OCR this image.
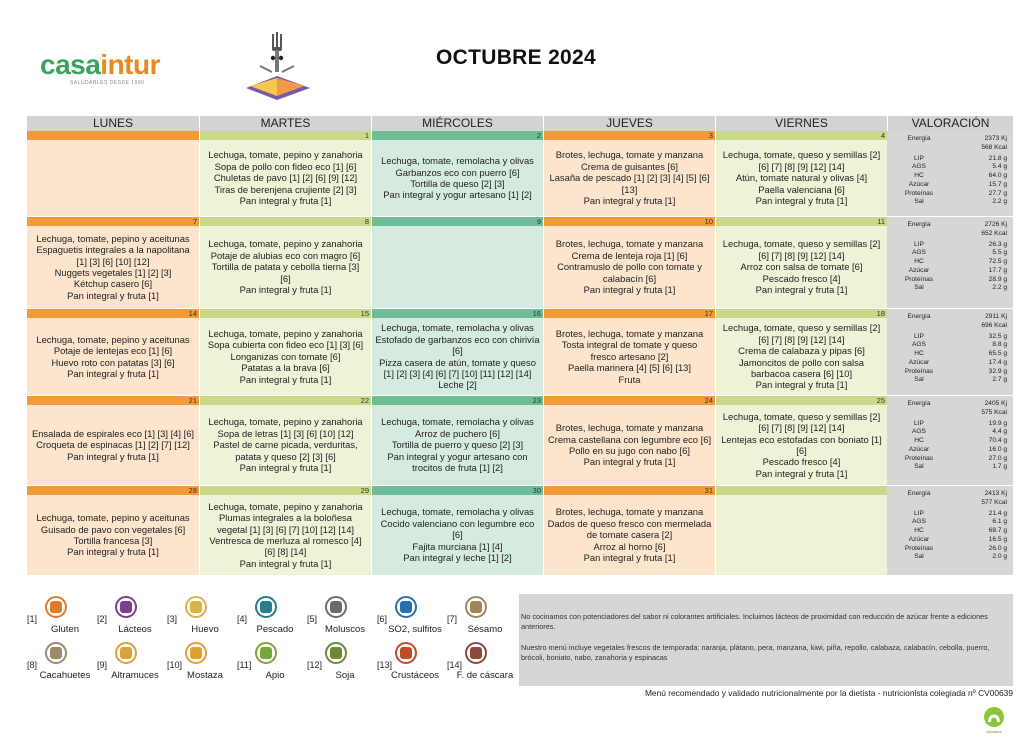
casaintur
SALUDABLES DESDE 1990
OCTUBRE 2024
LUNES	MARTES	MIÉRCOLES	JUEVES	VIERNES	VALORACIÓN
1
Lechuga, tomate, pepino y zanahoria
Sopa de pollo con fideo eco [1] [6]
Chuletas de pavo [1] [2] [6] [9] [12]
Tiras de berenjena crujiente [2] [3]
Pan integral y fruta [1]
2
Lechuga, tomate, remolacha y olivas
Garbanzos eco con puerro [6]
Tortilla de queso [2] [3]
Pan integral y yogur artesano [1] [2]
3
Brotes, lechuga, tomate y manzana
Crema de guisantes [6]
Lasaña de pescado [1] [2] [3] [4] [5] [6]
[13]
Pan integral y fruta [1]
4
Lechuga, tomate, queso y semillas [2]
[6] [7] [8] [9] [12] [14]
Atún, tomate natural y olivas [4]
Paella valenciana [6]
Pan integral y fruta [1]
Energía	2373 Kj
568 Kcal
LIP	21.8 g
AGS	5.4 g
HC	64.0 g
Azúcar	15.7 g
Proteínas	27.7 g
Sal	2.2 g
7
Lechuga, tomate, pepino y aceitunas
Espaguetis integrales a la napolitana
[1] [3] [6] [10] [12]
Nuggets vegetales [1] [2] [3]
Kétchup casero [6]
Pan integral y fruta [1]
8
Lechuga, tomate, pepino y zanahoria
Potaje de alubias eco con magro [6]
Tortilla de patata y cebolla tierna [3]
[6]
Pan integral y fruta [1]
9	10
Brotes, lechuga, tomate y manzana
Crema de lenteja roja [1] [6]
Contramuslo de pollo con tomate y
calabacín [6]
Pan integral y fruta [1]
11
Lechuga, tomate, queso y semillas [2]
[6] [7] [8] [9] [12] [14]
Arroz con salsa de tomate [6]
Pescado fresco [4]
Pan integral y fruta [1]
Energía	2726 Kj
652 Kcal
LIP	26.3 g
AGS	5.5 g
HC	72.5 g
Azúcar	17.7 g
Proteínas	28.9 g
Sal	2.2 g
14
Lechuga, tomate, pepino y aceitunas
Potaje de lentejas eco [1] [6]
Huevo roto con patatas [3] [6]
Pan integral y fruta [1]
15
Lechuga, tomate, pepino y zanahoria
Sopa cubierta con fideo eco [1] [3] [6]
Longanizas con tomate [6]
Patatas a la brava [6]
Pan integral y fruta [1]
16
Lechuga, tomate, remolacha y olivas
Estofado de garbanzos eco con chirivía
[6]
Pizza casera de atún, tomate y queso
[1] [2] [3] [4] [6] [7] [10] [11] [12] [14]
Leche [2]
17
Brotes, lechuga, tomate y manzana
Tosta integral de tomate y queso
fresco artesano [2]
Paella marinera [4] [5] [6] [13]
Fruta
18
Lechuga, tomate, queso y semillas [2]
[6] [7] [8] [9] [12] [14]
Crema de calabaza y pipas [6]
Jamoncitos de pollo con salsa
barbacoa casera [6] [10]
Pan integral y fruta [1]
Energía	2911 Kj
696 Kcal
LIP	32.5 g
AGS	8.8 g
HC	65.5 g
Azúcar	17.4 g
Proteínas	32.9 g
Sal	2.7 g
21
Ensalada de espirales eco [1] [3] [4] [6]
Croqueta de espinacas [1] [2] [7] [12]
Pan integral y fruta [1]
22
Lechuga, tomate, pepino y zanahoria
Sopa de letras [1] [3] [6] [10] [12]
Pastel de carne picada, verduritas,
patata y queso [2] [3] [6]
Pan integral y fruta [1]
23
Lechuga, tomate, remolacha y olivas
Arroz de puchero [6]
Tortilla de puerro y queso [2] [3]
Pan integral y yogur artesano con
trocitos de fruta [1] [2]
24
Brotes, lechuga, tomate y manzana
Crema castellana con legumbre eco [6]
Pollo en su jugo con nabo [6]
Pan integral y fruta [1]
25
Lechuga, tomate, queso y semillas [2]
[6] [7] [8] [9] [12] [14]
Lentejas eco estofadas con boniato [1]
[6]
Pescado fresco [4]
Pan integral y fruta [1]
Energía	2405 Kj
575 Kcal
LIP	19.9 g
AGS	4.4 g
HC	70.4 g
Azúcar	16.0 g
Proteínas	27.0 g
Sal	1.7 g
28
Lechuga, tomate, pepino y aceitunas
Guisado de pavo con vegetales [6]
Tortilla francesa [3]
Pan integral y fruta [1]
29
Lechuga, tomate, pepino y zanahoria
Plumas integrales a la boloñesa
vegetal [1] [3] [6] [7] [10] [12] [14]
Ventresca de merluza al romesco [4]
[6] [8] [14]
Pan integral y fruta [1]
30
Lechuga, tomate, remolacha y olivas
Cocido valenciano con legumbre eco
[6]
Fajita murciana [1] [4]
Pan integral y leche [1] [2]
31
Brotes, lechuga, tomate y manzana
Dados de queso fresco con mermelada
de tomate casera [2]
Arroz al horno [6]
Pan integral y fruta [1]
Energía	2413 Kj
577 Kcal
LIP	21.4 g
AGS	6.1 g
HC	68.7 g
Azúcar	16.5 g
Proteínas	26.0 g
Sal	2.0 g
[1]
Gluten
[2]
Lácteos
[3]
Huevo
[4]
Pescado
[5]
Moluscos
[6]
SO2, sulfitos
[7]
Sésamo
[8]
Cacahuetes
[9]
Altramuces
[10]
Mostaza
[11]
Apio
[12]
Soja
[13]
Crustáceos
[14]
F. de cáscara

No cocinamos con potenciadores del sabor ni colorantes artificiales. Incluimos lácteos de proximidad con reducción de azúcar frente a ediciones anteriores.

Nuestro menú incluye vegetales frescos de temporada: naranja, plátano, pera, manzana, kiwi, piña, repollo, calabaza, calabacín, cebolla, puerro, brócoli, boniato, nabo, zanahoria y espinacas

Menú recomendado y validado nutricionalmente por la dietista - nutricionista colegiada nº CV00639
Alcuintur
